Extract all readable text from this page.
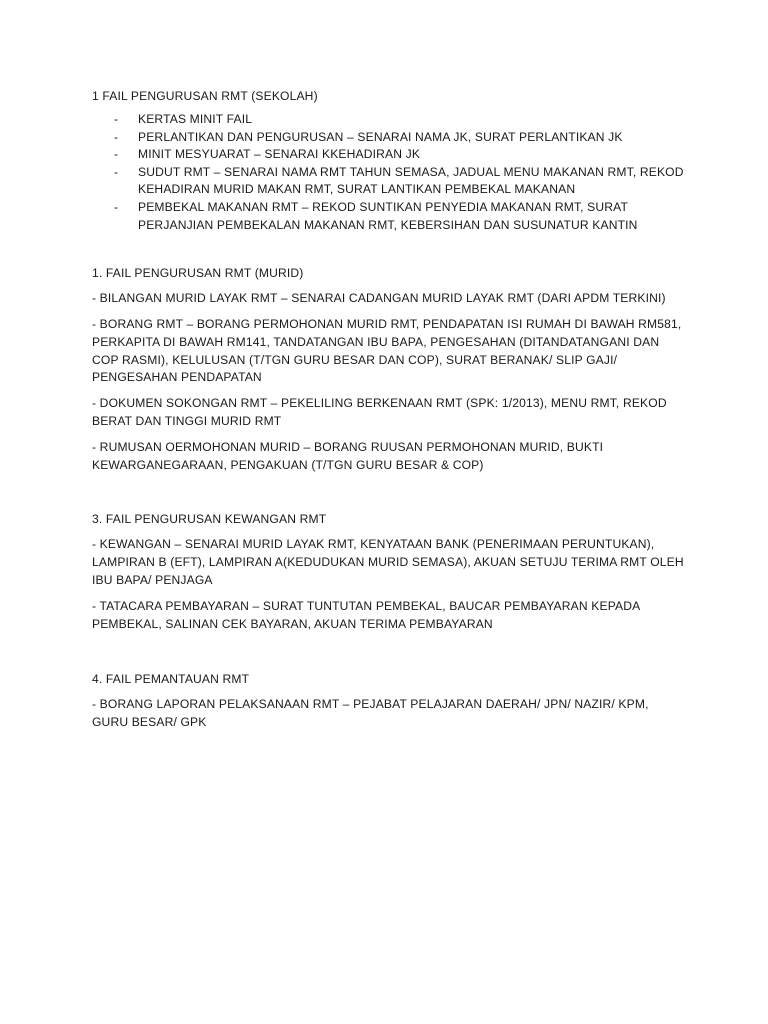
1 FAIL PENGURUSAN RMT (SEKOLAH)

- KERTAS MINIT FAIL
- PERLANTIKAN DAN PENGURUSAN – SENARAI NAMA JK, SURAT PERLANTIKAN JK
- MINIT MESYUARAT – SENARAI KKEHADIRAN JK
- SUDUT RMT – SENARAI NAMA RMT TAHUN SEMASA, JADUAL MENU MAKANAN RMT, REKOD KEHADIRAN MURID MAKAN RMT, SURAT LANTIKAN PEMBEKAL MAKANAN
- PEMBEKAL MAKANAN RMT – REKOD SUNTIKAN PENYEDIA MAKANAN RMT, SURAT PERJANJIAN PEMBEKALAN MAKANAN RMT, KEBERSIHAN DAN SUSUNATUR KANTIN

1. FAIL PENGURUSAN RMT (MURID)

- BILANGAN MURID LAYAK RMT – SENARAI CADANGAN MURID LAYAK RMT (DARI APDM TERKINI)

- BORANG RMT – BORANG PERMOHONAN MURID RMT, PENDAPATAN ISI RUMAH DI BAWAH RM581, PERKAPITA DI BAWAH RM141, TANDATANGAN IBU BAPA, PENGESAHAN (DITANDATANGANI DAN COP RASMI), KELULUSAN (T/TGN GURU BESAR DAN COP), SURAT BERANAK/ SLIP GAJI/ PENGESAHAN PENDAPATAN

- DOKUMEN SOKONGAN RMT – PEKELILING BERKENAAN RMT (SPK: 1/2013), MENU RMT, REKOD BERAT DAN TINGGI MURID RMT

- RUMUSAN OERMOHONAN MURID – BORANG RUUSAN PERMOHONAN MURID, BUKTI KEWARGANEGARAAN, PENGAKUAN (T/TGN GURU BESAR & COP)

3. FAIL PENGURUSAN KEWANGAN RMT

- KEWANGAN – SENARAI MURID LAYAK RMT, KENYATAAN BANK (PENERIMAAN PERUNTUKAN), LAMPIRAN B (EFT), LAMPIRAN A(KEDUDUKAN MURID SEMASA), AKUAN SETUJU TERIMA RMT OLEH IBU BAPA/ PENJAGA

- TATACARA PEMBAYARAN – SURAT TUNTUTAN PEMBEKAL, BAUCAR PEMBAYARAN KEPADA PEMBEKAL, SALINAN CEK BAYARAN, AKUAN TERIMA PEMBAYARAN

4. FAIL PEMANTAUAN RMT

- BORANG LAPORAN PELAKSANAAN RMT – PEJABAT PELAJARAN DAERAH/ JPN/ NAZIR/ KPM, GURU BESAR/ GPK
